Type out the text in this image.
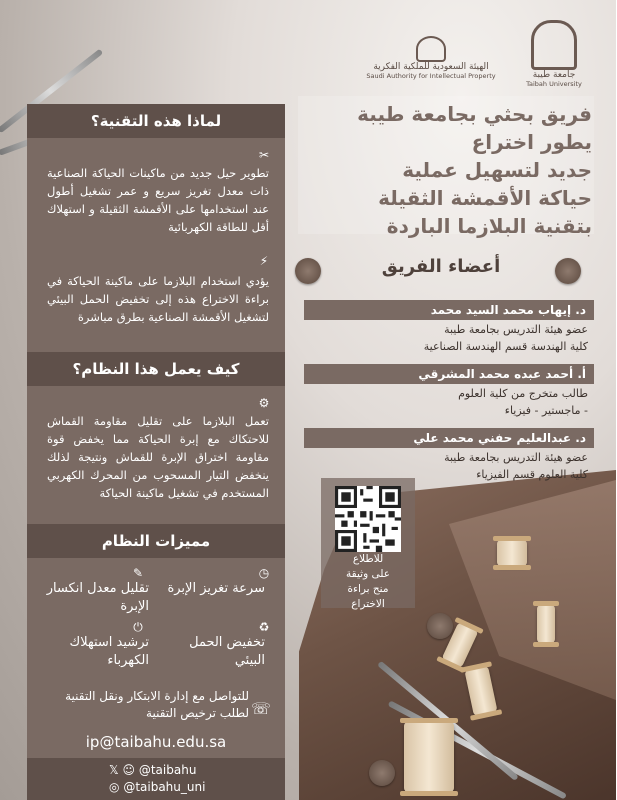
الهيئة السعودية للملكية الفكرية
Saudi Authority for Intellectual Property	جامعة طيبة
Taibah University
فريق بحثي بجامعة طيبة
يطور اختراع
جديد لتسهيل عملية
حياكة الأقمشة الثقيلة
بتقنية البلازما الباردة
أعضاء الفريق
د. إيهاب محمد السيد محمد
عضو هيئة التدريس بجامعة طيبة
كلية الهندسة قسم الهندسة الصناعية
أ. أحمد عبده محمد المشرقي
طالب متخرج من كلية العلوم
- ماجستير - فيزياء
د. عبدالعليم حفني محمد علي
عضو هيئة التدريس بجامعة طيبة
كلية العلوم قسم الفيزياء
للاطلاع
على وثيقة
منح براءة
الاختراع
لماذا هذه التقنية؟
✂
تطوير حيل جديد من ماكينات الحياكة الصناعية ذات معدل تغريز سريع و عمر تشغيل أطول عند استخدامها على الأقمشة الثقيلة و استهلاك أقل للطاقة الكهربائية
⚡
يؤدي استخدام البلازما على ماكينة الحياكة في براءة الاختراع هذه إلى تخفيض الحمل البيئي لتشغيل الأقمشة الصناعية بطرق مباشرة
كيف يعمل هذا النظام؟
⚙
تعمل البلازما على تقليل مقاومة القماش للاحتكاك مع إبرة الحياكة مما يخفض قوة مقاومة اختراق الإبرة للقماش ونتيجة لذلك ينخفض التيار المسحوب من المحرك الكهربي المستخدم في تشغيل ماكينة الحياكة
مميزات النظام
◷
سرعة تغريز الإبرة
✎
تقليل معدل انكسار الإبرة
♻
تخفيض الحمل البيئي
⏻
ترشيد استهلاك الكهرباء
☏
للتواصل مع إدارة الابتكار ونقل التقنية لطلب ترخيص التقنية
ip@taibahu.edu.sa
𝕏 ☺ @taibahu
◎ @taibahu_uni
